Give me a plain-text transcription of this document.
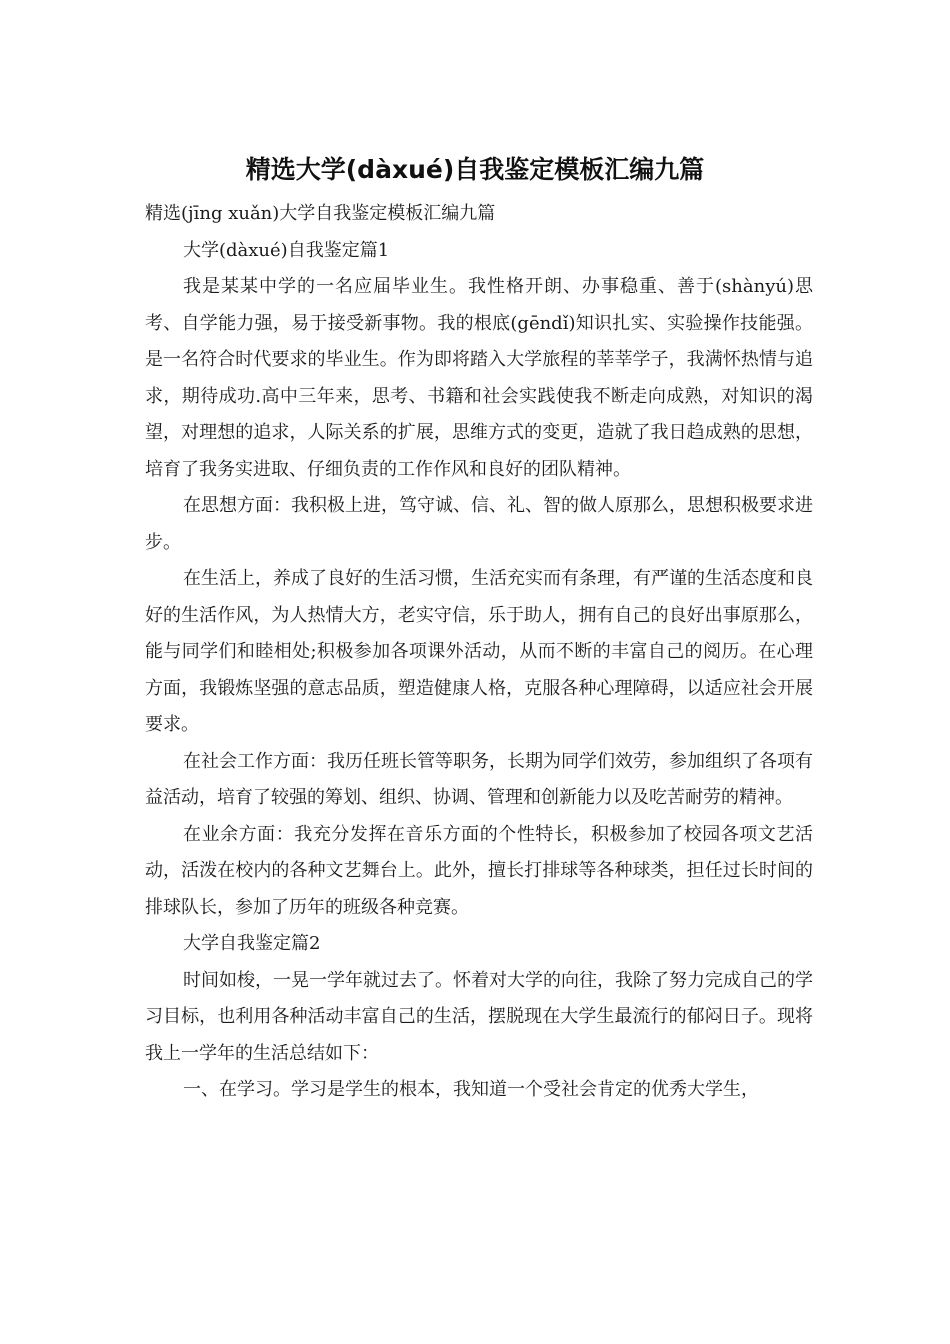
精选大学(dàxué)自我鉴定模板汇编九篇

精选(jīng xuǎn)大学自我鉴定模板汇编九篇

大学(dàxué)自我鉴定篇1

我是某某中学的一名应届毕业生。我性格开朗、办事稳重、善于(shànyú)思考、自学能力强，易于接受新事物。我的根底(gēndǐ)知识扎实、实验操作技能强。是一名符合时代要求的毕业生。作为即将踏入大学旅程的莘莘学子，我满怀热情与追求，期待成功.高中三年来，思考、书籍和社会实践使我不断走向成熟，对知识的渴望，对理想的追求，人际关系的扩展，思维方式的变更，造就了我日趋成熟的思想，培育了我务实进取、仔细负责的工作作风和良好的团队精神。

在思想方面：我积极上进，笃守诚、信、礼、智的做人原那么，思想积极要求进步。

在生活上，养成了良好的生活习惯，生活充实而有条理，有严谨的生活态度和良好的生活作风，为人热情大方，老实守信，乐于助人，拥有自己的良好出事原那么，能与同学们和睦相处;积极参加各项课外活动，从而不断的丰富自己的阅历。在心理方面，我锻炼坚强的意志品质，塑造健康人格，克服各种心理障碍，以适应社会开展要求。

在社会工作方面：我历任班长管等职务，长期为同学们效劳，参加组织了各项有益活动，培育了较强的筹划、组织、协调、管理和创新能力以及吃苦耐劳的精神。

在业余方面：我充分发挥在音乐方面的个性特长，积极参加了校园各项文艺活动，活泼在校内的各种文艺舞台上。此外，擅长打排球等各种球类，担任过长时间的排球队长，参加了历年的班级各种竞赛。

大学自我鉴定篇2

时间如梭，一晃一学年就过去了。怀着对大学的向往，我除了努力完成自己的学习目标，也利用各种活动丰富自己的生活，摆脱现在大学生最流行的郁闷日子。现将我上一学年的生活总结如下：

一、在学习。学习是学生的根本，我知道一个受社会肯定的优秀大学生，
